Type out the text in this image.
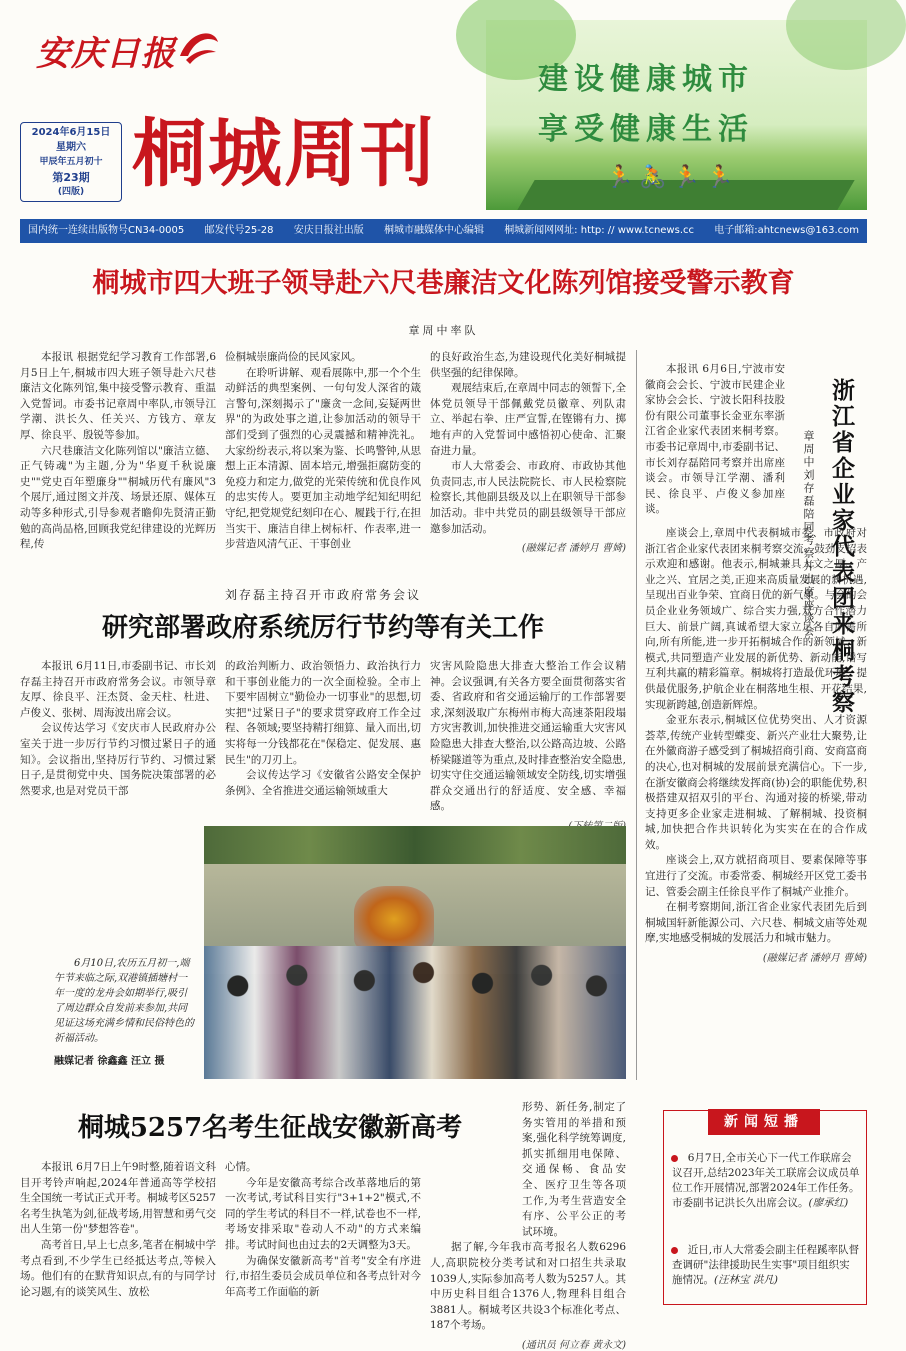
安庆日报
2024年6月15日
星期六
甲辰年五月初十
第23期
(四版) 桐城周刊
建设健康城市
享受健康生活
🏃🚴🏃🏃
国内统一连续出版物号CN34-0005 邮发代号25-28 安庆日报社出版 桐城市融媒体中心编辑 桐城新闻网网址: http: // www.tcnews.cc 电子邮箱:ahtcnews@163.com
桐城市四大班子领导赴六尺巷廉洁文化陈列馆接受警示教育
章周中率队

本报讯 根据党纪学习教育工作部署,6月5日上午,桐城市四大班子领导赴六尺巷廉洁文化陈列馆,集中接受警示教育、重温入党誓词。市委书记章周中率队,市领导江学潮、洪长久、任关兴、方钱方、章友厚、徐良平、殷锐等参加。

六尺巷廉洁文化陈列馆以"廉洁立德、正气铸魂"为主题,分为"华夏千秋说廉史""党史百年塑廉身""桐城历代有廉风"3个展厅,通过图文并茂、场景还原、媒体互动等多种形式,引导参观者瞻仰先贤清正勤勉的高尚品格,回顾我党纪律建设的光辉历程,传

俭桐城崇廉尚俭的民风家风。

在聆听讲解、观看展陈中,那一个个生动鲜活的典型案例、一句句发人深省的箴言警句,深刻揭示了"廉贪一念间,妄疑两世界"的为政处事之道,让参加活动的领导干部们受到了强烈的心灵震撼和精神洗礼。大家纷纷表示,将以案为鉴、长鸣警钟,从思想上正本清源、固本培元,增强拒腐防变的免疫力和定力,做党的光荣传统和优良作风的忠实传人。要更加主动地学纪知纪明纪守纪,把党规党纪刻印在心、履践于行,在担当实干、廉洁自律上树标杆、作表率,进一步营造风清气正、干事创业

的良好政治生态,为建设现代化美好桐城提供坚强的纪律保障。

观展结束后,在章周中同志的领誓下,全体党员领导干部佩戴党员徽章、列队肃立、举起右拳、庄严宣誓,在铿锵有力、掷地有声的入党誓词中感悟初心使命、汇聚奋进力量。

市人大常委会、市政府、市政协其他负责同志,市人民法院院长、市人民检察院检察长,其他副县级及以上在职领导干部参加活动。非中共党员的副县级领导干部应邀参加活动。

(融媒记者 潘婷月 曹婍)
刘存磊主持召开市政府常务会议
研究部署政府系统厉行节约等有关工作

本报讯 6月11日,市委副书记、市长刘存磊主持召开市政府常务会议。市领导章友厚、徐良平、汪杰贤、金天柱、杜进、卢俊义、张树、周海波出席会议。

会议传达学习《安庆市人民政府办公室关于进一步厉行节约习惯过紧日子的通知》。会议指出,坚持厉行节约、习惯过紧日子,是贯彻党中央、国务院决策部署的必然要求,也是对党员干部

的政治判断力、政治领悟力、政治执行力和干事创业能力的一次全面检验。全市上下要牢固树立"勤俭办一切事业"的思想,切实把"过紧日子"的要求贯穿政府工作全过程、各领域;要坚持精打细算、量入而出,切实将每一分钱都花在"保稳定、促发展、惠民生"的刀刃上。

会议传达学习《安徽省公路安全保护条例》、全省推进交通运输领域重大

灾害风险隐患大排查大整治工作会议精神。会议强调,有关各方要全面贯彻落实省委、省政府和省交通运输厅的工作部署要求,深刻汲取广东梅州市梅大高速茶阳段塌方灾害教训,加快推进交通运输重大灾害风险隐患大排查大整治,以公路高边坡、公路桥梁隧道等为重点,及时排查整治安全隐患,切实守住交通运输领域安全防线,切实增强群众交通出行的舒适度、安全感、幸福感。

6月10日,农历五月初一,端午节来临之际,双港镇插塘村一年一度的龙舟会如期举行,吸引了周边群众自发前来参加,共同见证这场充满乡情和民俗特色的祈福活动。

融媒记者 徐鑫鑫 汪立 摄
桐城5257名考生征战安徽新高考

本报讯 6月7日上午9时整,随着语文科目开考铃声响起,2024年普通高等学校招生全国统一考试正式开考。桐城考区5257名考生执笔为剑,征战考场,用智慧和勇气交出人生第一份"梦想答卷"。

高考首日,早上七点多,笔者在桐城中学考点看到,不少学生已经抵达考点,等候入场。他们有的在默背知识点,有的与同学讨论习题,有的谈笑风生、放松

心情。

今年是安徽高考综合改革落地后的第一次考试,考试科目实行"3+1+2"模式,不同的学生考试的科目不一样,试卷也不一样,考场安排采取"卷动人不动"的方式来编排。考试时间也由过去的2天调整为3天。

为确保安徽新高考"首考"安全有序进行,市招生委员会成员单位和各考点针对今年高考工作面临的新

形势、新任务,制定了务实管用的举措和预案,强化科学统筹调度,抓实抓细用电保障、交通保畅、食品安全、医疗卫生等各项工作,为考生营造安全有序、公平公正的考试环境。

据了解,今年我市高考报名人数6296人,高职院校分类考试和对口招生共录取1039人,实际参加高考人数为5257人。其中历史科目组合1376人,物理科目组合3881人。桐城考区共设3个标准化考点、187个考场。

(通讯员 何立春 黄永文)
浙江省企业家代表团来桐考察
章周中刘存磊陪同考察并出席座谈会

本报讯 6月6日,宁波市安徽商会会长、宁波市民建企业家协会会长、宁波长阳科技股份有限公司董事长金亚东率浙江省企业家代表团来桐考察。市委书记章周中,市委副书记、市长刘存磊陪同考察并出席座谈会。市领导江学潮、潘利民、徐良平、卢俊义参加座谈。

座谈会上,章周中代表桐城市委、市政府对浙江省企业家代表团来桐考察交流、鼓劲支招表示欢迎和感谢。他表示,桐城兼具人文之厚、产业之兴、宜居之美,正迎来高质量发展的新机遇,呈现出百业争荣、宜商日优的新气象。与会的会员企业业务领域广、综合实力强,双方合作潜力巨大、前景广阔,真诚希望大家立足各自所需所向,所有所能,进一步开拓桐城合作的新领域、新模式,共同塑造产业发展的新优势、新动能,谱写互利共赢的精彩篇章。桐城将打造最优环境、提供最优服务,护航企业在桐落地生根、开花结果,实现新跨越,创造新辉煌。

金亚东表示,桐城区位优势突出、人才资源荟萃,传统产业转型蝶变、新兴产业壮大聚势,让在外徽商游子感受到了桐城招商引商、安商富商的决心,也对桐城的发展前景充满信心。下一步,在浙安徽商会将继续发挥商(协)会的职能优势,积极搭建双招双引的平台、沟通对接的桥梁,带动支持更多企业家走进桐城、了解桐城、投资桐城,加快把合作共识转化为实实在在的合作成效。

座谈会上,双方就招商项目、要素保障等事宜进行了交流。市委常委、桐城经开区党工委书记、管委会副主任徐良平作了桐城产业推介。

在桐考察期间,浙江省企业家代表团先后到桐城国轩新能源公司、六尺巷、桐城文庙等处观摩,实地感受桐城的发展活力和城市魅力。

(融媒记者 潘婷月 曹婍)
新闻短播

6月7日,全市关心下一代工作联席会议召开,总结2023年关工联席会议成员单位工作开展情况,部署2024年工作任务。市委副书记洪长久出席会议。(廖承红)

近日,市人大常委会副主任程蹊率队督查调研"法律援助民生实事"项目组织实施情况。(汪林宝 洪凡)
